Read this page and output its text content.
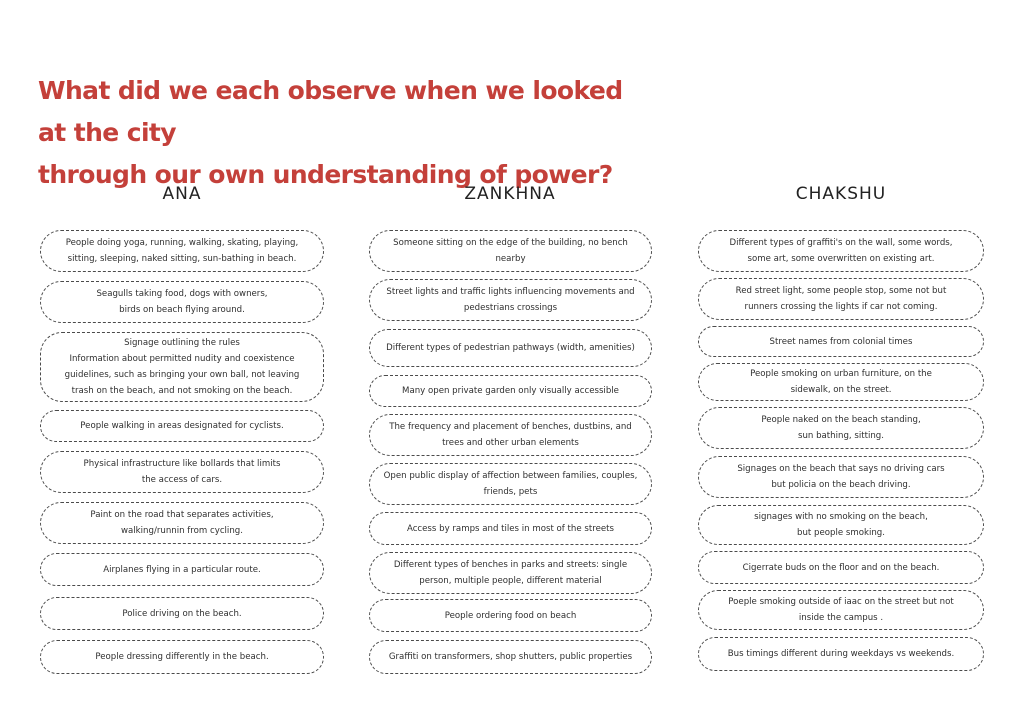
What did we each observe when we looked at the city
through our own understanding of power?
ANA	ZANKHNA	CHAKSHU
People doing yoga, running, walking, skating, playing,
sitting, sleeping, naked sitting, sun-bathing in beach.
Seagulls taking food, dogs with owners,
birds on beach flying around.
Signage outlining the rules
Information about permitted nudity and coexistence
guidelines, such as bringing your own ball, not leaving
trash on the beach, and not smoking on the beach.
People walking in areas designated for cyclists.
Physical infrastructure like bollards that limits
the access of cars.
Paint on the road that separates activities,
walking/runnin from cycling.
Airplanes flying in a particular route.
Police driving on the beach.
People dressing differently in the beach.
Someone sitting on the edge of the building, no bench
nearby
Street lights and traffic lights influencing movements and
pedestrians crossings
Different types of pedestrian pathways (width, amenities)
Many open private garden only visually accessible
The frequency and placement of benches, dustbins, and
trees and other urban elements
Open public display of affection between families, couples,
friends, pets
Access by ramps and tiles in most of the streets
Different types of benches in parks and streets: single
person, multiple people, different material
People ordering food on beach
Graffiti on transformers, shop shutters, public properties
Different types of graffiti's on the wall, some words,
some art, some overwritten on existing art.
Red street light, some people stop, some not but
runners crossing the lights if car not coming.
Street names from colonial times
People smoking on urban furniture, on the
sidewalk, on the street.
People naked on the beach standing,
sun bathing, sitting.
Signages on the beach that says no driving cars
but policia on the beach driving.
signages with no smoking on the beach,
but people smoking.
Cigerrate buds on the floor and on the beach.
Poeple smoking outside of iaac on the street but not
inside the campus .
Bus timings different during weekdays vs weekends.
